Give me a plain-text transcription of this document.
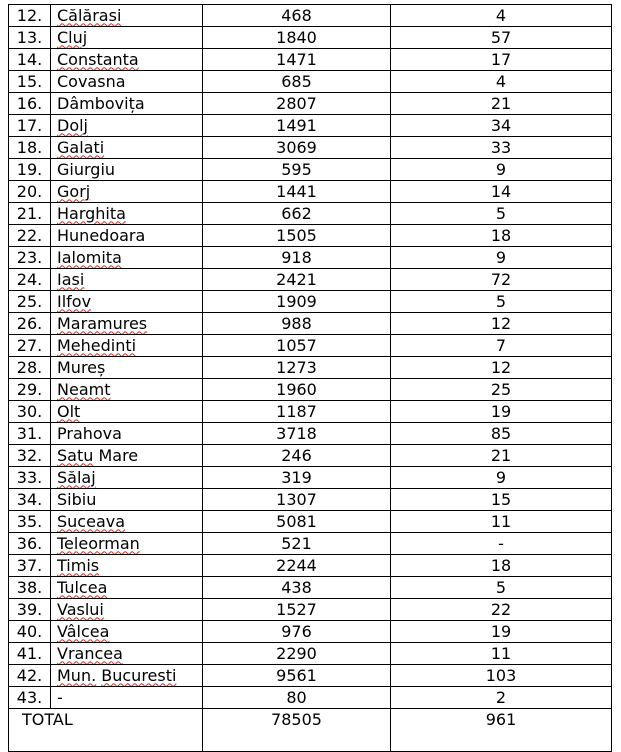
12.	Călărasi	468	4
13.	Cluj	1840	57
14.	Constanta	1471	17
15.	Covasna	685	4
16.	Dâmbovița	2807	21
17.	Dolj	1491	34
18.	Galati	3069	33
19.	Giurgiu	595	9
20.	Gorj	1441	14
21.	Harghita	662	5
22.	Hunedoara	1505	18
23.	Ialomita	918	9
24.	Iasi	2421	72
25.	Ilfov	1909	5
26.	Maramures	988	12
27.	Mehedinti	1057	7
28.	Mureș	1273	12
29.	Neamt	1960	25
30.	Olt	1187	19
31.	Prahova	3718	85
32.	Satu Mare	246	21
33.	Sălaj	319	9
34.	Sibiu	1307	15
35.	Suceava	5081	11
36.	Teleorman	521	-
37.	Timis	2244	18
38.	Tulcea	438	5
39.	Vaslui	1527	22
40.	Vâlcea	976	19
41.	Vrancea	2290	11
42.	Mun. Bucuresti	9561	103
43.	-	80	2
TOTAL		78505	961
